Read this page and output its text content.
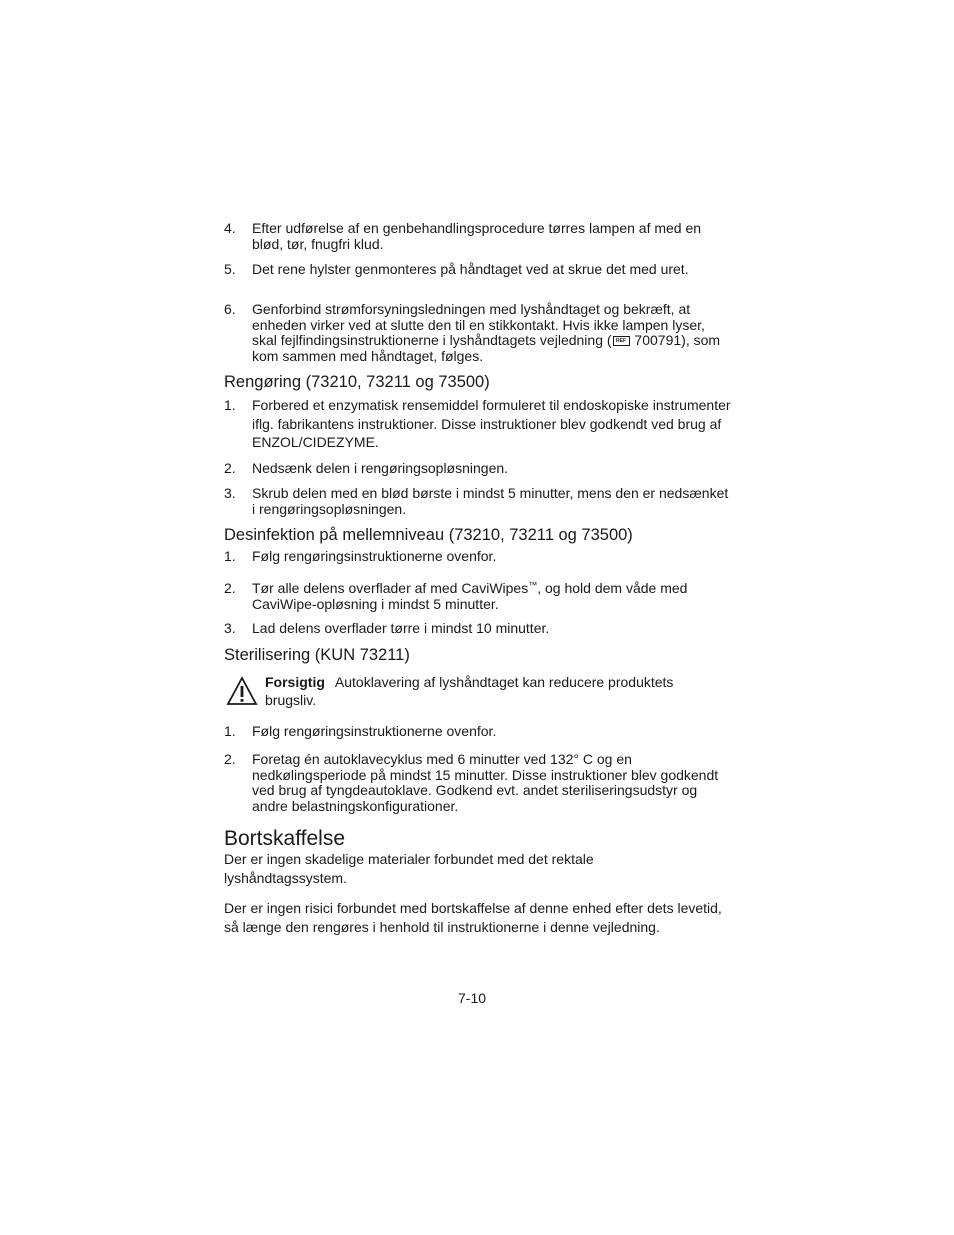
4. Efter udførelse af en genbehandlingsprocedure tørres lampen af med en blød, tør, fnugfri klud.
5. Det rene hylster genmonteres på håndtaget ved at skrue det med uret.
6. Genforbind strømforsyningsledningen med lyshåndtaget og bekræft, at enheden virker ved at slutte den til en stikkontakt. Hvis ikke lampen lyser, skal fejlfindingsinstruktionerne i lyshåndtagets vejledning ( REF 700791), som kom sammen med håndtaget, følges.
Rengøring (73210, 73211 og 73500)
1. Forbered et enzymatisk rensemiddel formuleret til endoskopiske instrumenter iflg. fabrikantens instruktioner. Disse instruktioner blev godkendt ved brug af ENZOL/CIDEZYME.
2. Nedsænk delen i rengøringsopløsningen.
3. Skrub delen med en blød børste i mindst 5 minutter, mens den er nedsænket i rengøringsopløsningen.
Desinfektion på mellemniveau (73210, 73211 og 73500)
1. Følg rengøringsinstruktionerne ovenfor.
2. Tør alle delens overflader af med CaviWipes™, og hold dem våde med CaviWipe-opløsning i mindst 5 minutter.
3. Lad delens overflader tørre i mindst 10 minutter.
Sterilisering (KUN 73211)
Forsigtig Autoklavering af lyshåndtaget kan reducere produktets brugsliv.
1. Følg rengøringsinstruktionerne ovenfor.
2. Foretag én autoklavecyklus med 6 minutter ved 132° C og en nedkølingsperiode på mindst 15 minutter. Disse instruktioner blev godkendt ved brug af tyngdeautoklave. Godkend evt. andet steriliseringsudstyr og andre belastningskonfigurationer.
Bortskaffelse
Der er ingen skadelige materialer forbundet med det rektale lyshåndtagssystem.
Der er ingen risici forbundet med bortskaffelse af denne enhed efter dets levetid, så længe den rengøres i henhold til instruktionerne i denne vejledning.
7-10
